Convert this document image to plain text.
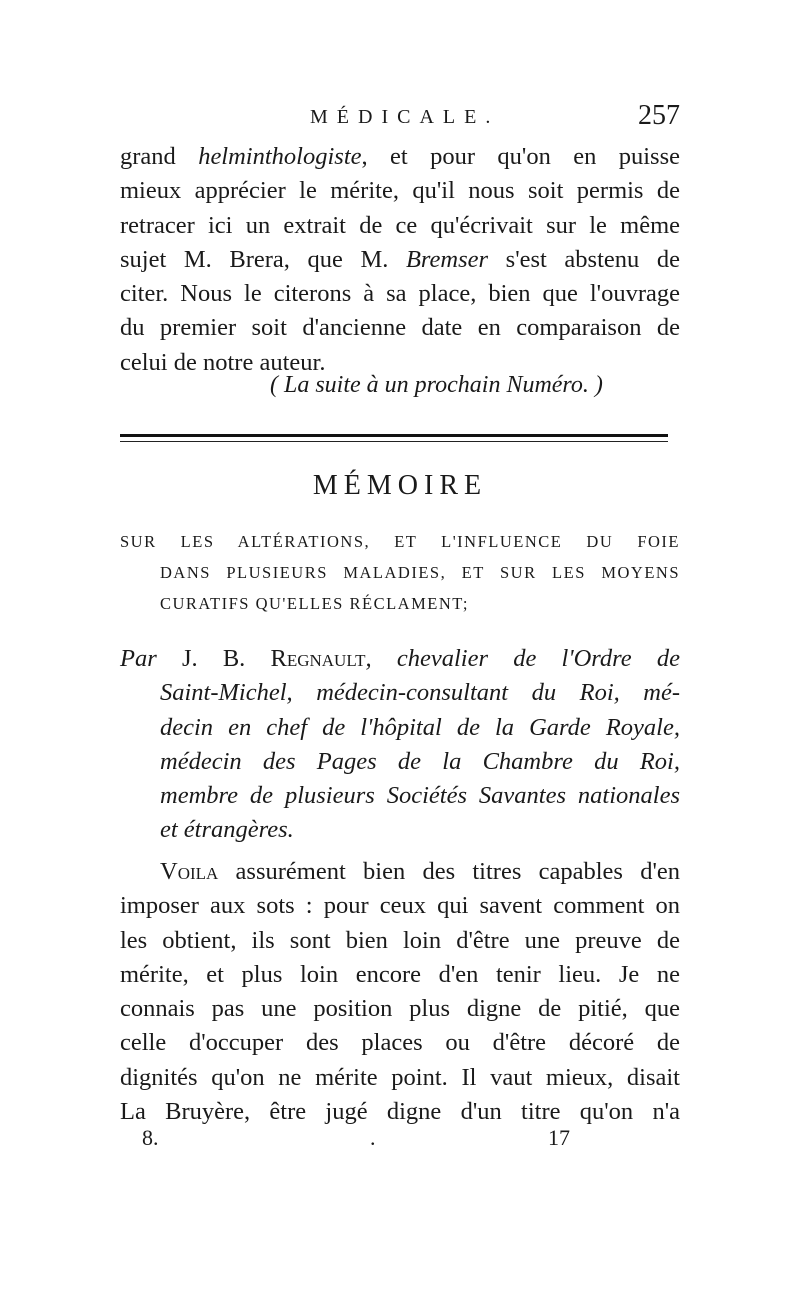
MÉDICALE.	257
grand helminthologiste, et pour qu'on en puisse
mieux apprécier le mérite, qu'il nous soit permis de
retracer ici un extrait de ce qu'écrivait sur le même
sujet M. Brera, que M. Bremser s'est abstenu de
citer. Nous le citerons à sa place, bien que l'ouvrage
du premier soit d'ancienne date en comparaison de
celui de notre auteur.
( La suite à un prochain Numéro. )
MÉMOIRE
SUR LES ALTÉRATIONS, ET L'INFLUENCE DU FOIE
DANS PLUSIEURS MALADIES, ET SUR LES MOYENS
CURATIFS QU'ELLES RÉCLAMENT;
Par J. B. Regnault, chevalier de l'Ordre de
Saint-Michel, médecin-consultant du Roi, mé-
decin en chef de l'hôpital de la Garde Royale,
médecin des Pages de la Chambre du Roi,
membre de plusieurs Sociétés Savantes nationales
et étrangères.
Voila assurément bien des titres capables d'en
imposer aux sots : pour ceux qui savent comment on
les obtient, ils sont bien loin d'être une preuve de
mérite, et plus loin encore d'en tenir lieu. Je ne
connais pas une position plus digne de pitié, que
celle d'occuper des places ou d'être décoré de
dignités qu'on ne mérite point. Il vaut mieux, disait
La Bruyère, être jugé digne d'un titre qu'on n'a
8.	.	17
